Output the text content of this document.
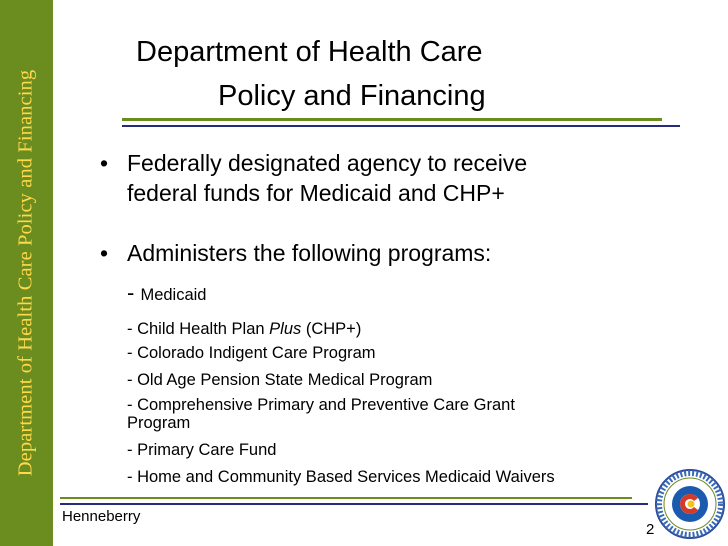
Department of Health Care Policy and Financing
Department of Health Care
Policy and Financing
• Federally designated agency to receive
federal funds for Medicaid and CHP+
• Administers the following programs:
- Medicaid
- Child Health Plan Plus (CHP+)
- Colorado Indigent Care Program
- Old Age Pension State Medical Program
- Comprehensive Primary and Preventive Care Grant
Program
- Primary Care Fund
- Home and Community Based Services Medicaid Waivers
Henneberry
2
